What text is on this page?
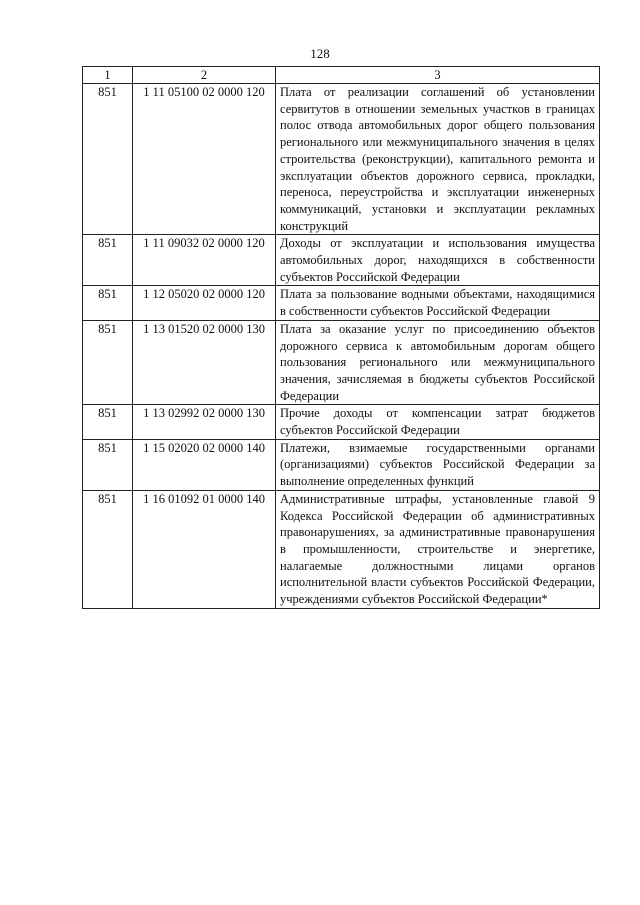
128
1	2	3
851	1 11 05100 02 0000 120	Плата от реализации соглашений об установлении сервитутов в отношении земельных участков в границах полос отвода автомобильных дорог общего пользования регионального или межмуниципального значения в целях строительства (реконструкции), капитального ремонта и эксплуатации объектов дорожного сервиса, прокладки, переноса, переустройства и эксплуатации инженерных коммуникаций, установки и эксплуатации рекламных конструкций
851	1 11 09032 02 0000 120	Доходы от эксплуатации и использования имущества автомобильных дорог, находящихся в собственности субъектов Российской Федерации
851	1 12 05020 02 0000 120	Плата за пользование водными объектами, находящимися в собственности субъектов Российской Федерации
851	1 13 01520 02 0000 130	Плата за оказание услуг по присоединению объектов дорожного сервиса к автомобильным дорогам общего пользования регионального или межмуниципального значения, зачисляемая в бюджеты субъектов Российской Федерации
851	1 13 02992 02 0000 130	Прочие доходы от компенсации затрат бюджетов субъектов Российской Федерации
851	1 15 02020 02 0000 140	Платежи, взимаемые государственными органами (организациями) субъектов Российской Федерации за выполнение определенных функций
851	1 16 01092 01 0000 140	Административные штрафы, установленные главой 9 Кодекса Российской Федерации об административных правонарушениях, за административные правонарушения в промышленности, строительстве и энергетике, налагаемые должностными лицами органов исполнительной власти субъектов Российской Федерации, учреждениями субъектов Российской Федерации*
